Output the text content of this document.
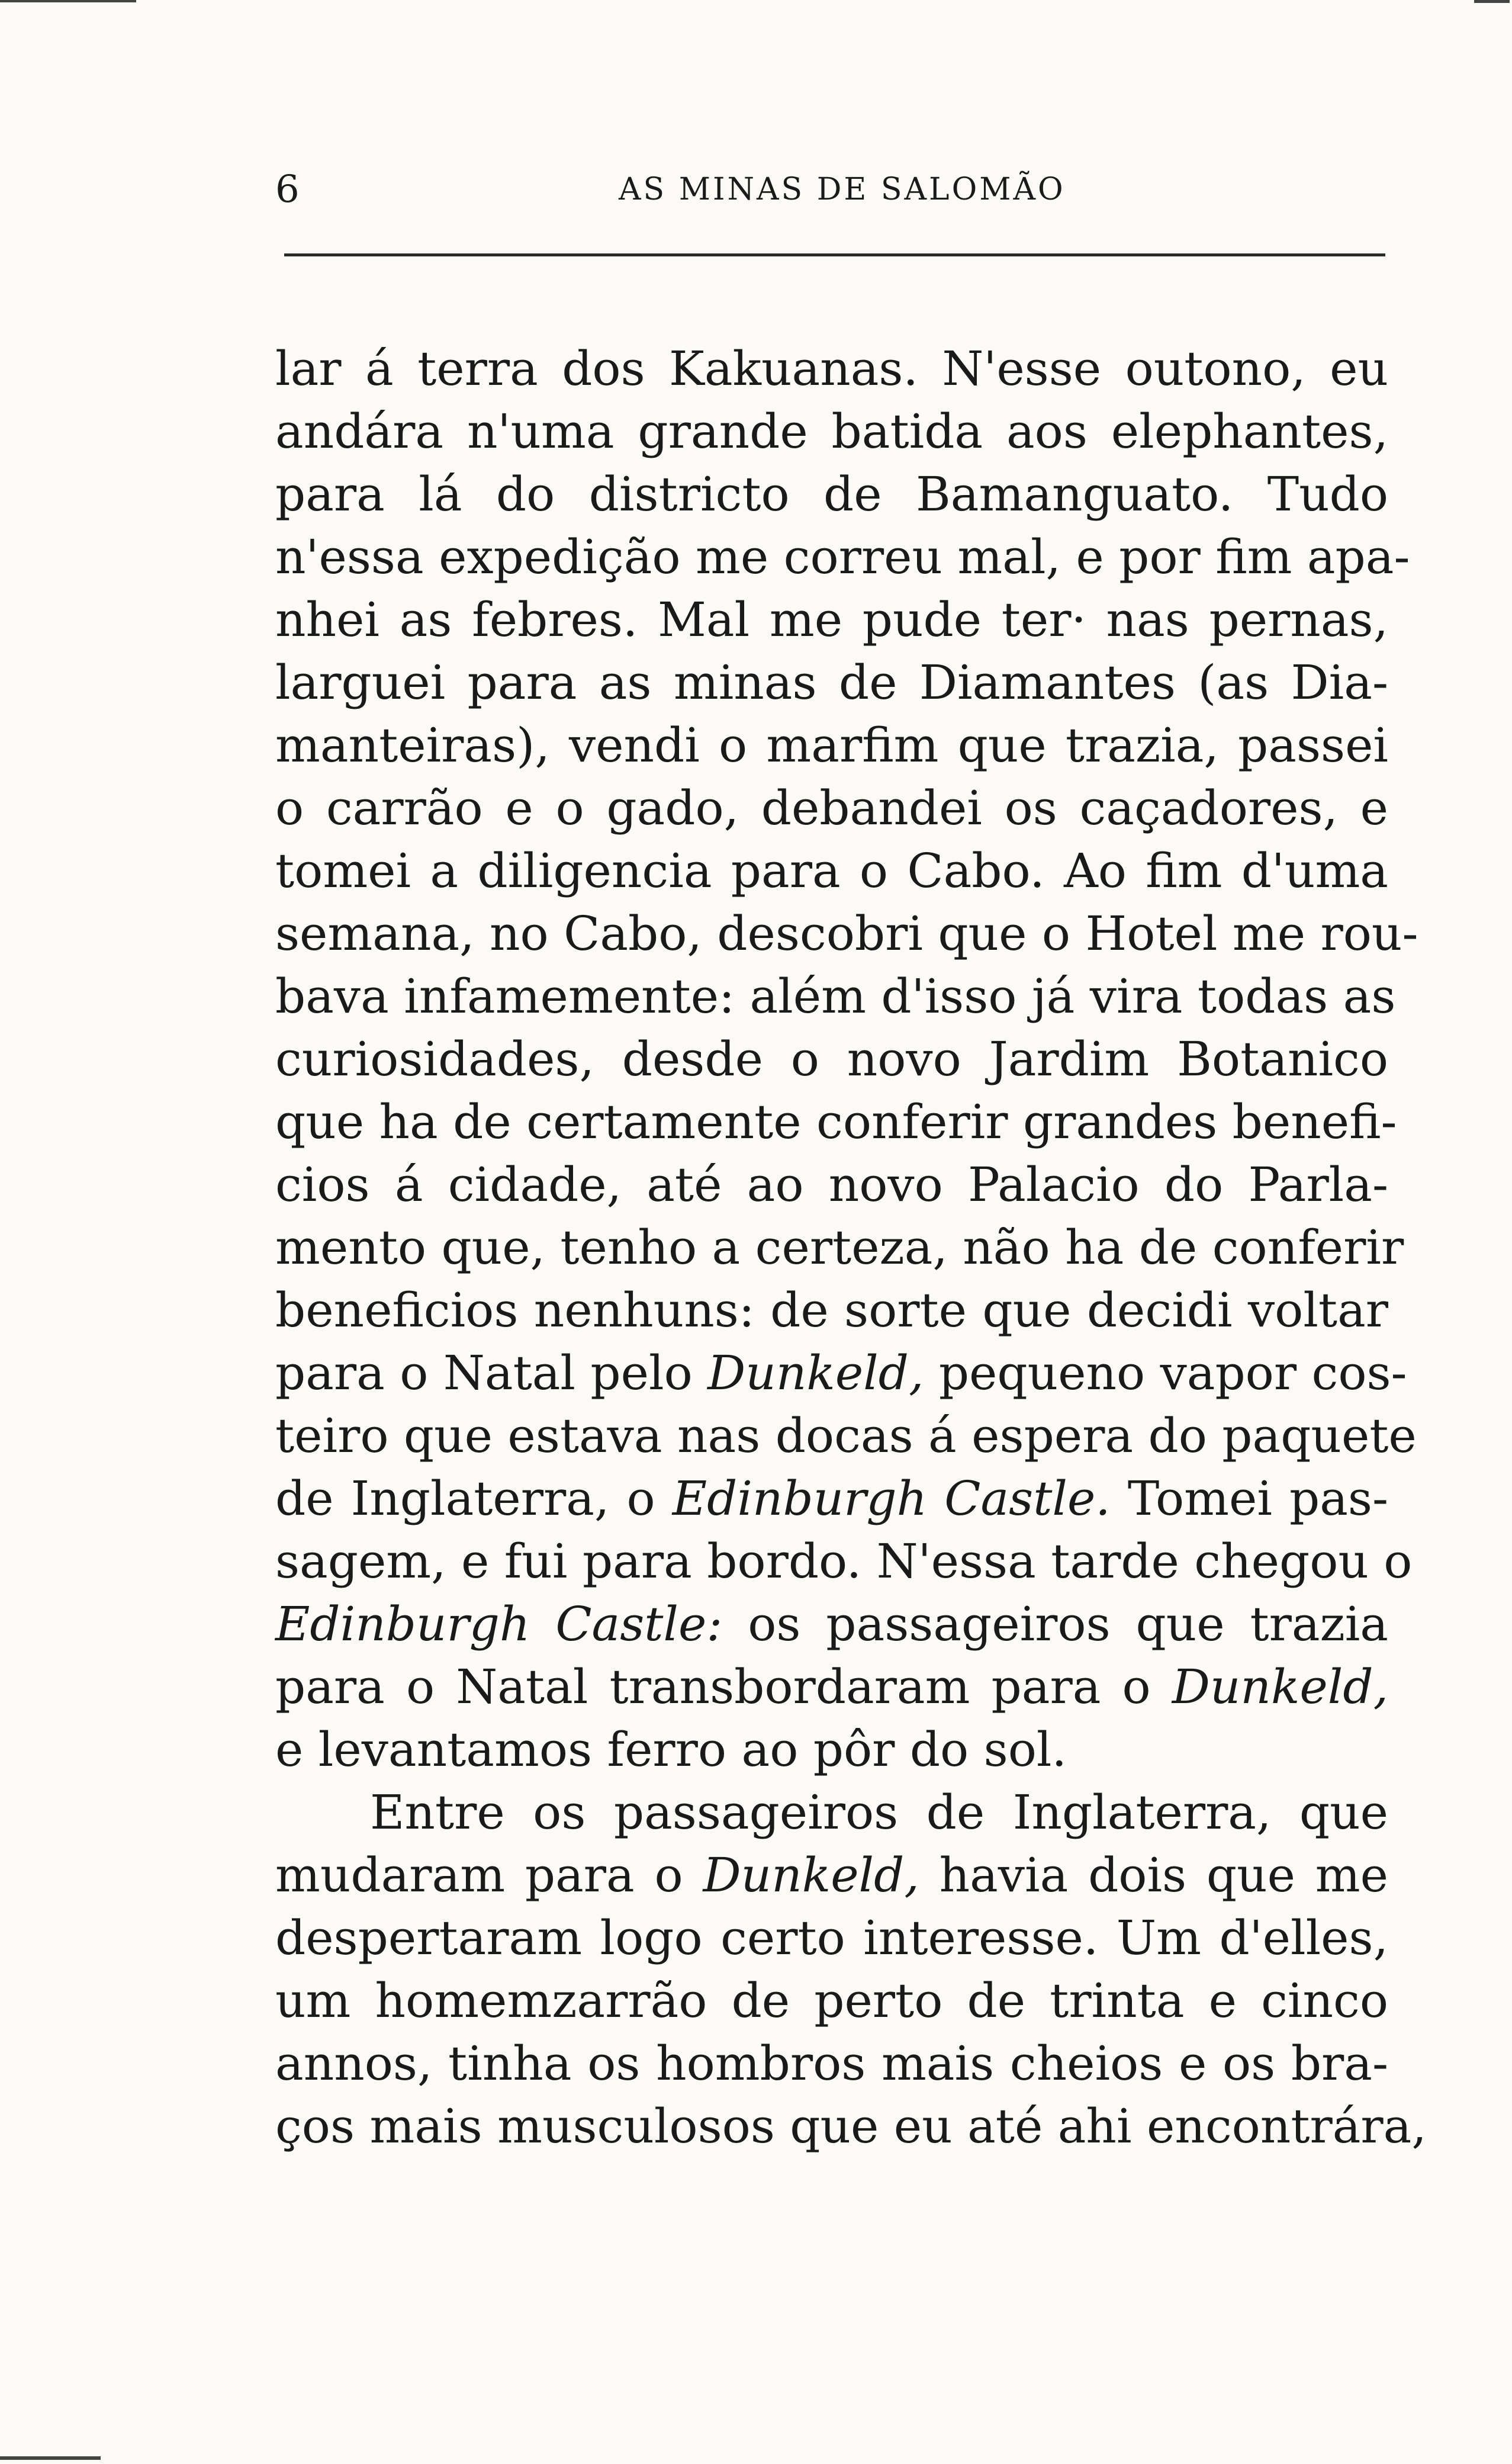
6	AS MINAS DE SALOMÃO
lar á terra dos Kakuanas. N'esse outono, eu
andára n'uma grande batida aos elephantes,
para lá do districto de Bamanguato. Tudo
n'essa expedição me correu mal, e por fim apa-
nhei as febres. Mal me pude ter· nas pernas,
larguei para as minas de Diamantes (as Dia-
manteiras), vendi o marfim que trazia, passei
o carrão e o gado, debandei os caçadores, e
tomei a diligencia para o Cabo. Ao fim d'uma
semana, no Cabo, descobri que o Hotel me rou-
bava infamemente: além d'isso já vira todas as
curiosidades, desde o novo Jardim Botanico
que ha de certamente conferir grandes benefi-
cios á cidade, até ao novo Palacio do Parla-
mento que, tenho a certeza, não ha de conferir
beneficios nenhuns: de sorte que decidi voltar
para o Natal pelo Dunkeld, pequeno vapor cos-
teiro que estava nas docas á espera do paquete
de Inglaterra, o Edinburgh Castle. Tomei pas-
sagem, e fui para bordo. N'essa tarde chegou o
Edinburgh Castle: os passageiros que trazia
para o Natal transbordaram para o Dunkeld,
e levantamos ferro ao pôr do sol.
Entre os passageiros de Inglaterra, que
mudaram para o Dunkeld, havia dois que me
despertaram logo certo interesse. Um d'elles,
um homemzarrão de perto de trinta e cinco
annos, tinha os hombros mais cheios e os bra-
ços mais musculosos que eu até ahi encontrára,
